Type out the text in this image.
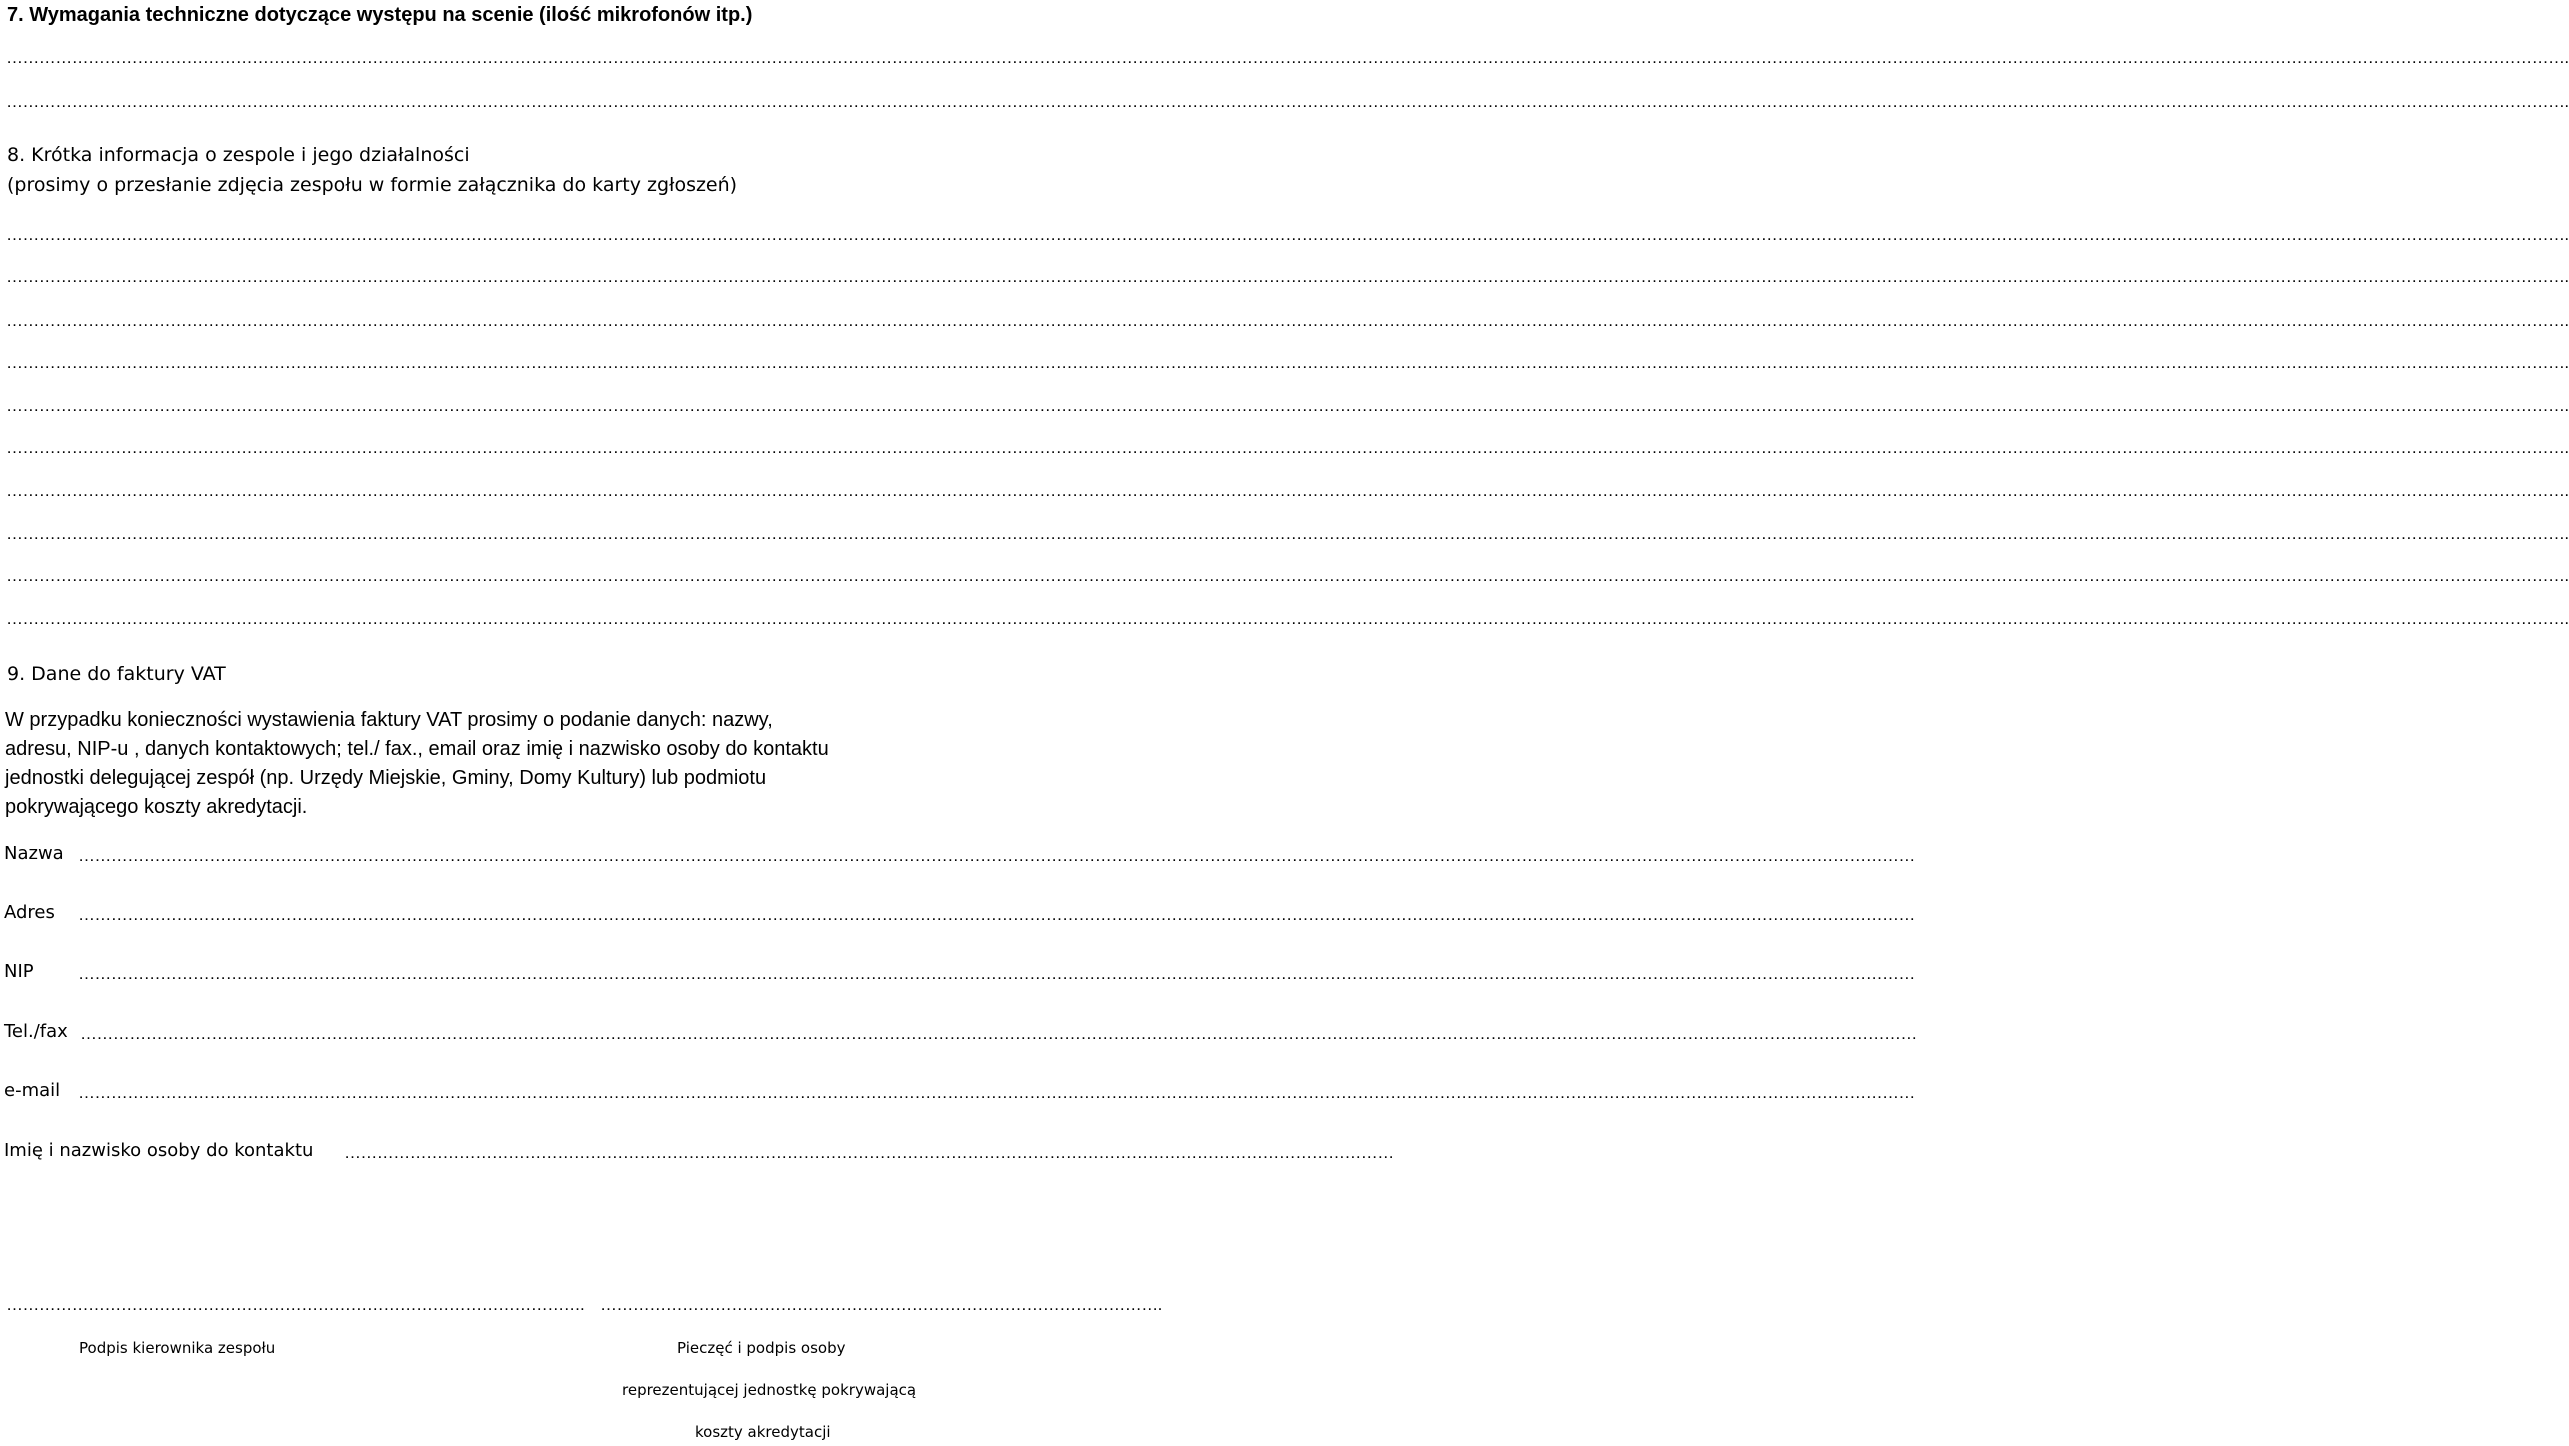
7. Wymagania techniczne dotyczące występu na scenie (ilość mikrofonów itp.)
……………………………………………………………………………………………………………………………………………………………………………………………………………………………………………………………………………………………………………………………………………………………………………………………………………………………….
……………………………………………………………………………………………………………………………………………………………………………………………………………………………………………………………………………………………………………………………………………………………………………………………………………………………….
8. Krótka informacja o zespole i jego działalności
(prosimy o przesłanie zdjęcia zespołu w formie załącznika do karty zgłoszeń)
……………………………………………………………………………………………………………………………………………………………………………………………………………………………………………………………………………………………………………………………………………………………………………………………………………………………….
……………………………………………………………………………………………………………………………………………………………………………………………………………………………………………………………………………………………………………………………………………………………………………………………………………………………….
……………………………………………………………………………………………………………………………………………………………………………………………………………………………………………………………………………………………………………………………………………………………………………………………………………………………….
……………………………………………………………………………………………………………………………………………………………………………………………………………………………………………………………………………………………………………………………………………………………………………………………………………………………….
……………………………………………………………………………………………………………………………………………………………………………………………………………………………………………………………………………………………………………………………………………………………………………………………………………………………….
……………………………………………………………………………………………………………………………………………………………………………………………………………………………………………………………………………………………………………………………………………………………………………………………………………………………….
……………………………………………………………………………………………………………………………………………………………………………………………………………………………………………………………………………………………………………………………………………………………………………………………………………………………….
……………………………………………………………………………………………………………………………………………………………………………………………………………………………………………………………………………………………………………………………………………………………………………………………………………………………….
……………………………………………………………………………………………………………………………………………………………………………………………………………………………………………………………………………………………………………………………………………………………………………………………………………………………….
……………………………………………………………………………………………………………………………………………………………………………………………………………………………………………………………………………………………………………………………………………………………………………………………………………………………….
9. Dane do faktury VAT
W przypadku konieczności wystawienia faktury VAT prosimy o podanie danych: nazwy,
adresu, NIP-u , danych kontaktowych; tel./ fax., email oraz imię i nazwisko osoby do kontaktu
jednostki delegującej zespół (np. Urzędy Miejskie, Gminy, Domy Kultury) lub podmiotu
pokrywającego koszty akredytacji.
Nazwa …………………………………………………………………………………………………………………………………………………………………………………………………………………………………………………………………………………………………………
Adres …………………………………………………………………………………………………………………………………………………………………………………………………………………………………………………………………………………………………………
NIP	…………………………………………………………………………………………………………………………………………………………………………………………………………………………………………………………………………………………………………
Tel./fax …………………………………………………………………………………………………………………………………………………………………………………………………………………………………………………………………………………………………………
e-mail …………………………………………………………………………………………………………………………………………………………………………………………………………………………………………………………………………………………………………
Imię i nazwisko osoby do kontaktu …………………………………………………………………………………………………………………………………………………………………………
……………………………………………………………………………………………. ………………………………………………………………………………………….
Podpis kierownika zespołu	Pieczęć i podpis osoby
reprezentującej jednostkę pokrywającą
koszty akredytacji
